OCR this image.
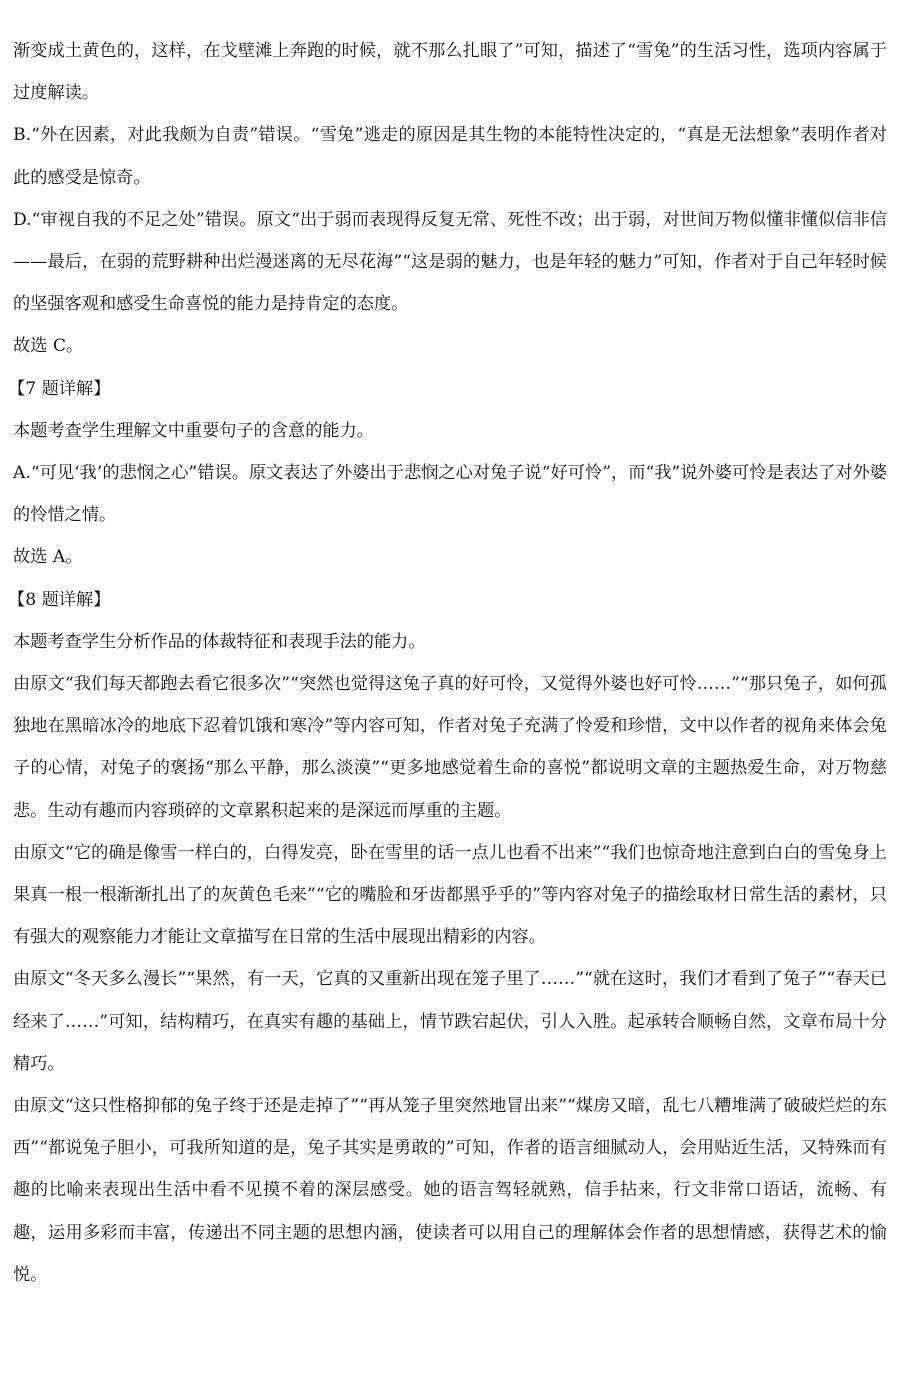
渐变成土黄色的，这样，在戈壁滩上奔跑的时候，就不那么扎眼了”可知，描述了“雪兔”的生活习性，选项内容属于过度解读。

B.“外在因素，对此我颇为自责”错误。“雪兔”逃走的原因是其生物的本能特性决定的，“真是无法想象”表明作者对此的感受是惊奇。

D.“审视自我的不足之处”错误。原文“出于弱而表现得反复无常、死性不改；出于弱，对世间万物似懂非懂似信非信——最后，在弱的荒野耕种出烂漫迷离的无尽花海”“这是弱的魅力，也是年轻的魅力”可知，作者对于自己年轻时候的坚强客观和感受生命喜悦的能力是持肯定的态度。

故选 C。

【7 题详解】

本题考查学生理解文中重要句子的含意的能力。

A.“可见‘我’的悲悯之心”错误。原文表达了外婆出于悲悯之心对兔子说“好可怜”，而“我”说外婆可怜是表达了对外婆的怜惜之情。

故选 A。

【8 题详解】

本题考查学生分析作品的体裁特征和表现手法的能力。

由原文“我们每天都跑去看它很多次”“突然也觉得这兔子真的好可怜，又觉得外婆也好可怜……”“那只兔子，如何孤独地在黑暗冰冷的地底下忍着饥饿和寒冷”等内容可知，作者对兔子充满了怜爱和珍惜，文中以作者的视角来体会兔子的心情，对兔子的褒扬“那么平静，那么淡漠”“更多地感觉着生命的喜悦”都说明文章的主题热爱生命，对万物慈悲。生动有趣而内容琐碎的文章累积起来的是深远而厚重的主题。

由原文“它的确是像雪一样白的，白得发亮，卧在雪里的话一点儿也看不出来”“我们也惊奇地注意到白白的雪兔身上果真一根一根渐渐扎出了的灰黄色毛来”“它的嘴脸和牙齿都黑乎乎的”等内容对兔子的描绘取材日常生活的素材，只有强大的观察能力才能让文章描写在日常的生活中展现出精彩的内容。

由原文“冬天多么漫长”“果然，有一天，它真的又重新出现在笼子里了……”“就在这时，我们才看到了兔子”“春天已经来了……”可知，结构精巧，在真实有趣的基础上，情节跌宕起伏，引人入胜。起承转合顺畅自然，文章布局十分精巧。

由原文“这只性格抑郁的兔子终于还是走掉了”“再从笼子里突然地冒出来”“煤房又暗，乱七八糟堆满了破破烂烂的东西”“都说兔子胆小，可我所知道的是，兔子其实是勇敢的”可知，作者的语言细腻动人，会用贴近生活，又特殊而有趣的比喻来表现出生活中看不见摸不着的深层感受。她的语言驾轻就熟，信手拈来，行文非常口语话，流畅、有趣，运用多彩而丰富，传递出不同主题的思想内涵，使读者可以用自己的理解体会作者的思想情感，获得艺术的愉悦。
